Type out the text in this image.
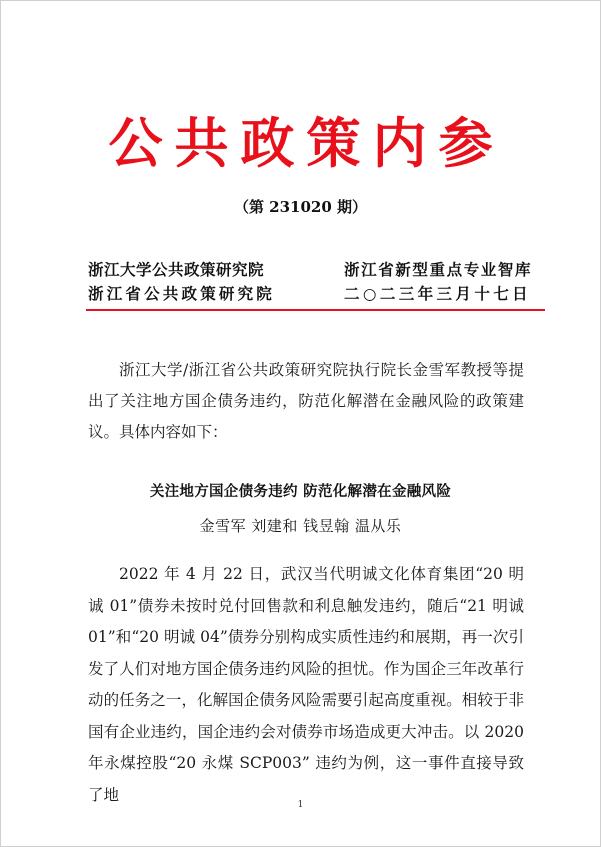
公共政策内参
（第 231020 期）
浙江大学公共政策研究院
浙江省公共政策研究院
浙江省新型重点专业智库
二○二三年三月十七日
浙江大学/浙江省公共政策研究院执行院长金雪军教授等提出了关注地方国企债务违约，防范化解潜在金融风险的政策建议。具体内容如下：
关注地方国企债务违约 防范化解潜在金融风险
金雪军 刘建和 钱昱翰 温从乐
2022 年 4 月 22 日，武汉当代明诚文化体育集团“20 明诚 01”债券未按时兑付回售款和利息触发违约，随后“21 明诚 01”和“20 明诚 04”债券分别构成实质性违约和展期，再一次引发了人们对地方国企债务违约风险的担忧。作为国企三年改革行动的任务之一，化解国企债务风险需要引起高度重视。相较于非国有企业违约，国企违约会对债券市场造成更大冲击。以 2020 年永煤控股“20 永煤 SCP003” 违约为例，这一事件直接导致了地
1
